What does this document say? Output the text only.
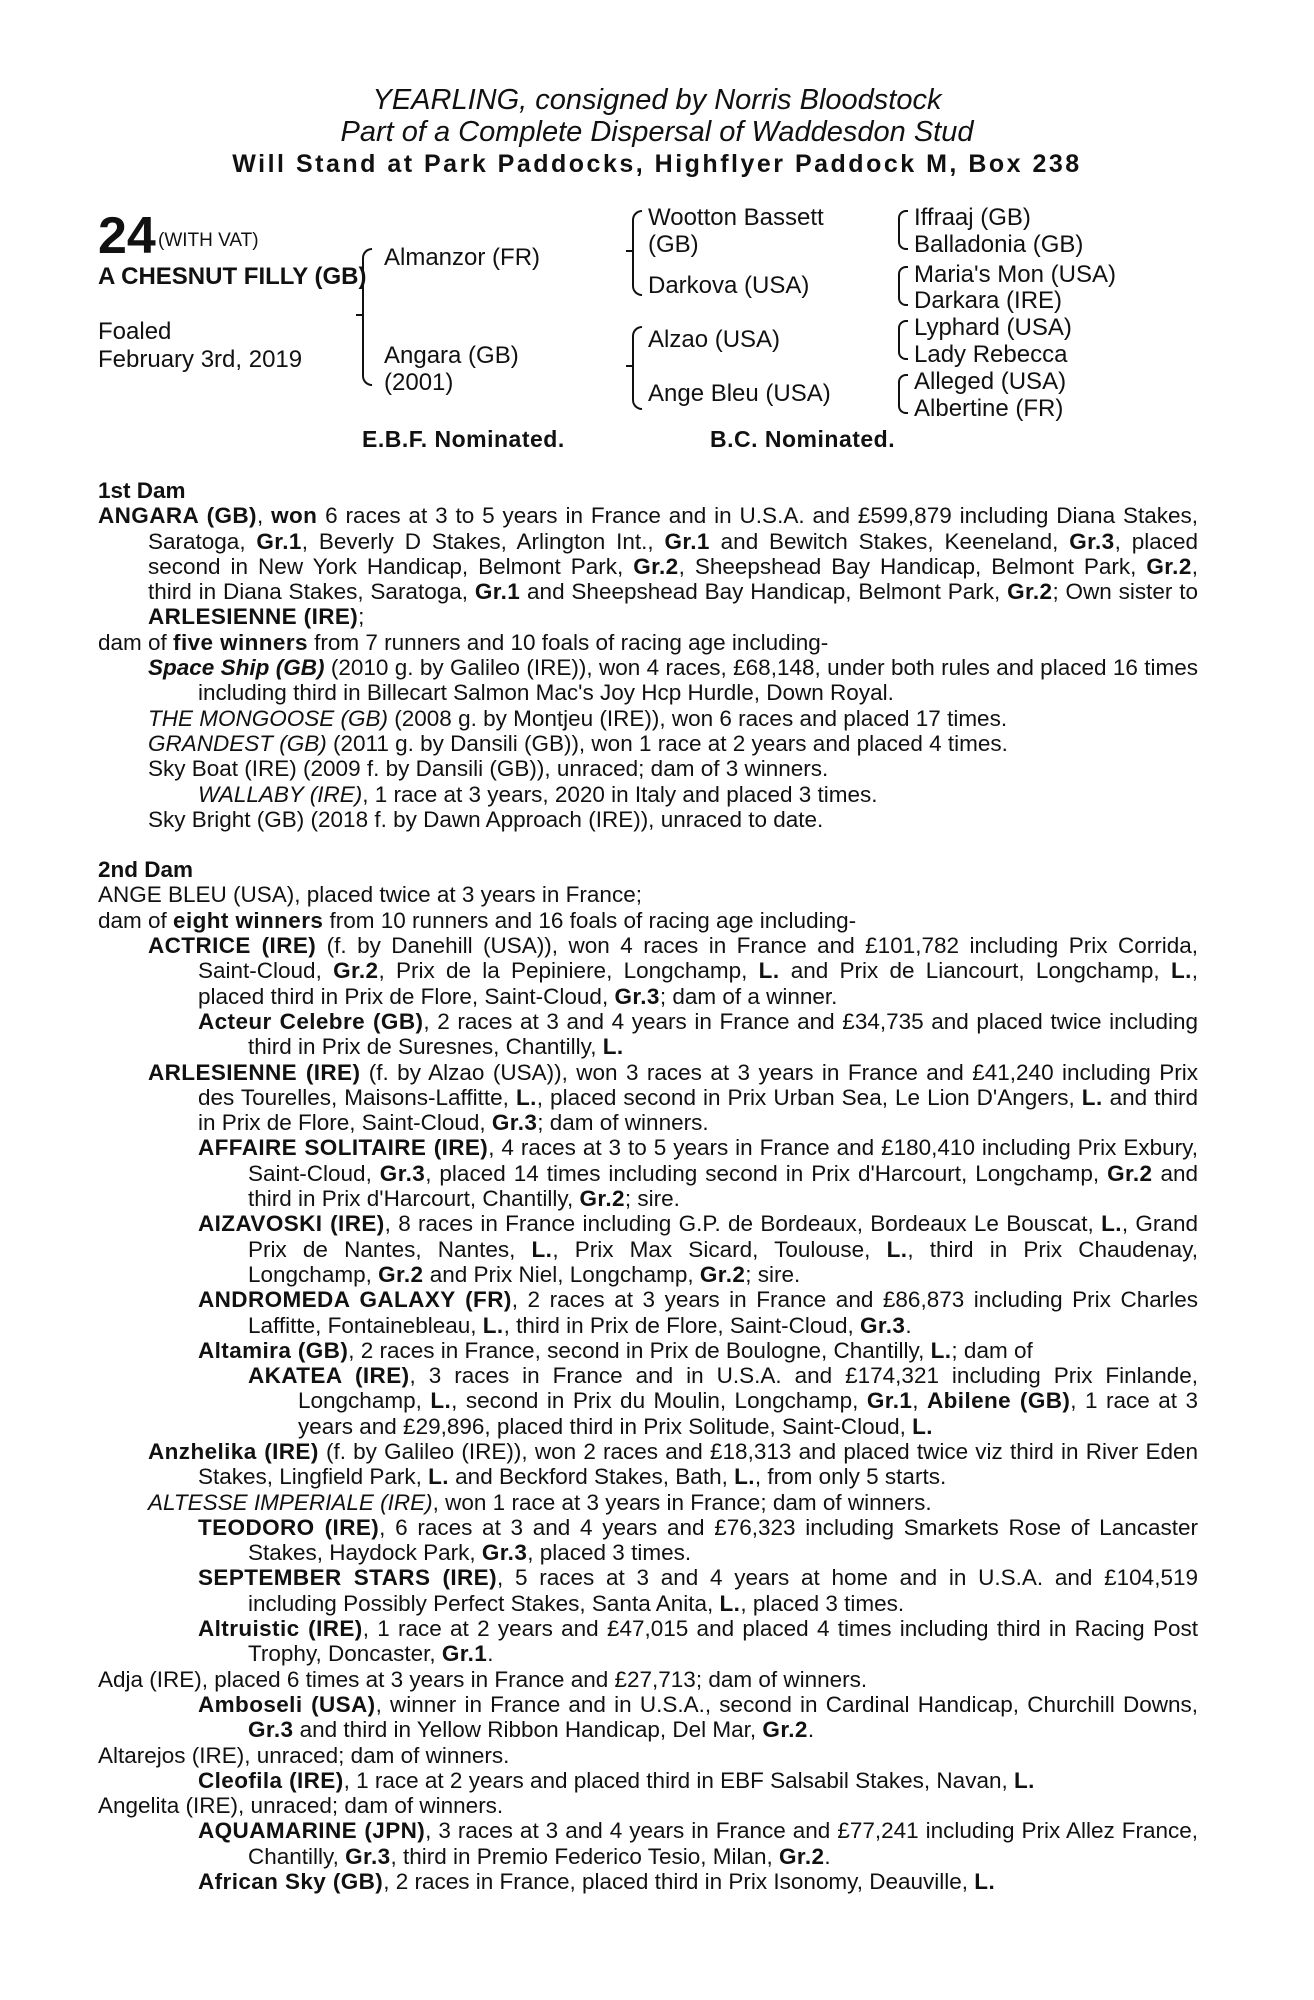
YEARLING, consigned by Norris Bloodstock
Part of a Complete Dispersal of Waddesdon Stud
Will Stand at Park Paddocks, Highflyer Paddock M, Box 238
24 (WITH VAT)
A CHESNUT FILLY (GB)
Foaled
February 3rd, 2019
Almanzor (FR)
Angara (GB)
(2001)
Wootton Bassett
(GB)
Darkova (USA)
Alzao (USA)
Ange Bleu (USA)
Iffraaj (GB)
Balladonia (GB)
Maria's Mon (USA)
Darkara (IRE)
Lyphard (USA)
Lady Rebecca
Alleged (USA)
Albertine (FR)
E.B.F. Nominated.	B.C. Nominated.
1st Dam

ANGARA (GB), won 6 races at 3 to 5 years in France and in U.S.A. and £599,879 including Diana Stakes, Saratoga, Gr.1, Beverly D Stakes, Arlington Int., Gr.1 and Bewitch Stakes, Keeneland, Gr.3, placed second in New York Handicap, Belmont Park, Gr.2, Sheepshead Bay Handicap, Belmont Park, Gr.2, third in Diana Stakes, Saratoga, Gr.1 and Sheepshead Bay Handicap, Belmont Park, Gr.2; Own sister to ARLESIENNE (IRE);

dam of five winners from 7 runners and 10 foals of racing age including-

Space Ship (GB) (2010 g. by Galileo (IRE)), won 4 races, £68,148, under both rules and placed 16 times including third in Billecart Salmon Mac's Joy Hcp Hurdle, Down Royal.

THE MONGOOSE (GB) (2008 g. by Montjeu (IRE)), won 6 races and placed 17 times.

GRANDEST (GB) (2011 g. by Dansili (GB)), won 1 race at 2 years and placed 4 times.

Sky Boat (IRE) (2009 f. by Dansili (GB)), unraced; dam of 3 winners.

WALLABY (IRE), 1 race at 3 years, 2020 in Italy and placed 3 times.

Sky Bright (GB) (2018 f. by Dawn Approach (IRE)), unraced to date.

2nd Dam

ANGE BLEU (USA), placed twice at 3 years in France;

dam of eight winners from 10 runners and 16 foals of racing age including-

ACTRICE (IRE) (f. by Danehill (USA)), won 4 races in France and £101,782 including Prix Corrida, Saint-Cloud, Gr.2, Prix de la Pepiniere, Longchamp, L. and Prix de Liancourt, Longchamp, L., placed third in Prix de Flore, Saint-Cloud, Gr.3; dam of a winner.

Acteur Celebre (GB), 2 races at 3 and 4 years in France and £34,735 and placed twice including third in Prix de Suresnes, Chantilly, L.

ARLESIENNE (IRE) (f. by Alzao (USA)), won 3 races at 3 years in France and £41,240 including Prix des Tourelles, Maisons-Laffitte, L., placed second in Prix Urban Sea, Le Lion D'Angers, L. and third in Prix de Flore, Saint-Cloud, Gr.3; dam of winners.

AFFAIRE SOLITAIRE (IRE), 4 races at 3 to 5 years in France and £180,410 including Prix Exbury, Saint-Cloud, Gr.3, placed 14 times including second in Prix d'Harcourt, Longchamp, Gr.2 and third in Prix d'Harcourt, Chantilly, Gr.2; sire.

AIZAVOSKI (IRE), 8 races in France including G.P. de Bordeaux, Bordeaux Le Bouscat, L., Grand Prix de Nantes, Nantes, L., Prix Max Sicard, Toulouse, L., third in Prix Chaudenay, Longchamp, Gr.2 and Prix Niel, Longchamp, Gr.2; sire.

ANDROMEDA GALAXY (FR), 2 races at 3 years in France and £86,873 including Prix Charles Laffitte, Fontainebleau, L., third in Prix de Flore, Saint-Cloud, Gr.3.

Altamira (GB), 2 races in France, second in Prix de Boulogne, Chantilly, L.; dam of

AKATEA (IRE), 3 races in France and in U.S.A. and £174,321 including Prix Finlande, Longchamp, L., second in Prix du Moulin, Longchamp, Gr.1, Abilene (GB), 1 race at 3 years and £29,896, placed third in Prix Solitude, Saint-Cloud, L.

Anzhelika (IRE) (f. by Galileo (IRE)), won 2 races and £18,313 and placed twice viz third in River Eden Stakes, Lingfield Park, L. and Beckford Stakes, Bath, L., from only 5 starts.

ALTESSE IMPERIALE (IRE), won 1 race at 3 years in France; dam of winners.

TEODORO (IRE), 6 races at 3 and 4 years and £76,323 including Smarkets Rose of Lancaster Stakes, Haydock Park, Gr.3, placed 3 times.

SEPTEMBER STARS (IRE), 5 races at 3 and 4 years at home and in U.S.A. and £104,519 including Possibly Perfect Stakes, Santa Anita, L., placed 3 times.

Altruistic (IRE), 1 race at 2 years and £47,015 and placed 4 times including third in Racing Post Trophy, Doncaster, Gr.1.

Adja (IRE), placed 6 times at 3 years in France and £27,713; dam of winners.

Amboseli (USA), winner in France and in U.S.A., second in Cardinal Handicap, Churchill Downs, Gr.3 and third in Yellow Ribbon Handicap, Del Mar, Gr.2.

Altarejos (IRE), unraced; dam of winners.

Cleofila (IRE), 1 race at 2 years and placed third in EBF Salsabil Stakes, Navan, L.

Angelita (IRE), unraced; dam of winners.

AQUAMARINE (JPN), 3 races at 3 and 4 years in France and £77,241 including Prix Allez France, Chantilly, Gr.3, third in Premio Federico Tesio, Milan, Gr.2.

African Sky (GB), 2 races in France, placed third in Prix Isonomy, Deauville, L.
